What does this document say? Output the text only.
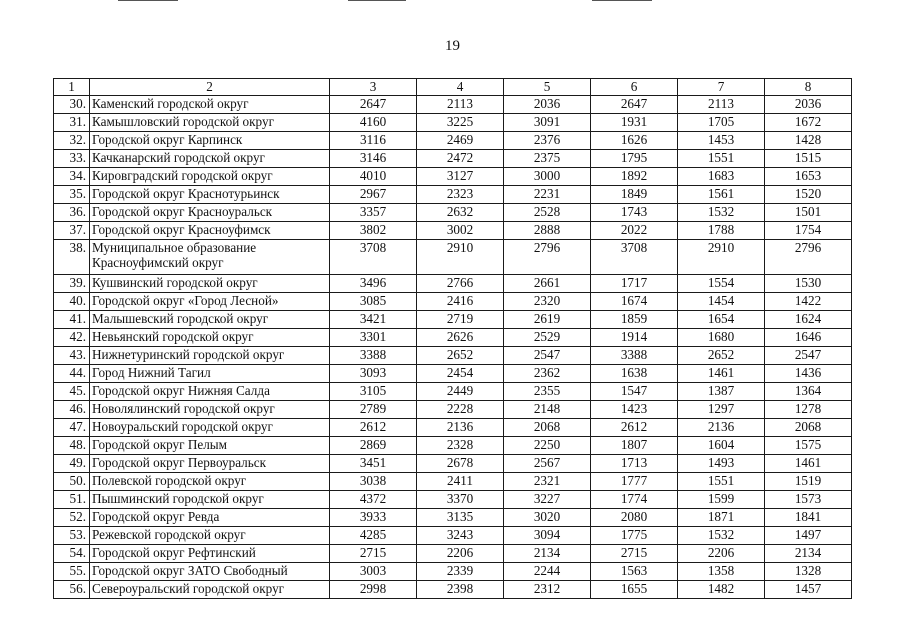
19
1	2	3	4	5	6	7	8
30.	Каменский городской округ	2647	2113	2036	2647	2113	2036
31.	Камышловский городской округ	4160	3225	3091	1931	1705	1672
32.	Городской округ Карпинск	3116	2469	2376	1626	1453	1428
33.	Качканарский городской округ	3146	2472	2375	1795	1551	1515
34.	Кировградский городской округ	4010	3127	3000	1892	1683	1653
35.	Городской округ Краснотурьинск	2967	2323	2231	1849	1561	1520
36.	Городской округ Красноуральск	3357	2632	2528	1743	1532	1501
37.	Городской округ Красноуфимск	3802	3002	2888	2022	1788	1754
38.	Муниципальное образование Красноуфимский округ	3708	2910	2796	3708	2910	2796
39.	Кушвинский городской округ	3496	2766	2661	1717	1554	1530
40.	Городской округ «Город Лесной»	3085	2416	2320	1674	1454	1422
41.	Малышевский городской округ	3421	2719	2619	1859	1654	1624
42.	Невьянский городской округ	3301	2626	2529	1914	1680	1646
43.	Нижнетуринский городской округ	3388	2652	2547	3388	2652	2547
44.	Город Нижний Тагил	3093	2454	2362	1638	1461	1436
45.	Городской округ Нижняя Салда	3105	2449	2355	1547	1387	1364
46.	Новолялинский городской округ	2789	2228	2148	1423	1297	1278
47.	Новоуральский городской округ	2612	2136	2068	2612	2136	2068
48.	Городской округ Пелым	2869	2328	2250	1807	1604	1575
49.	Городской округ Первоуральск	3451	2678	2567	1713	1493	1461
50.	Полевской городской округ	3038	2411	2321	1777	1551	1519
51.	Пышминский городской округ	4372	3370	3227	1774	1599	1573
52.	Городской округ Ревда	3933	3135	3020	2080	1871	1841
53.	Режевской городской округ	4285	3243	3094	1775	1532	1497
54.	Городской округ Рефтинский	2715	2206	2134	2715	2206	2134
55.	Городской округ ЗАТО Свободный	3003	2339	2244	1563	1358	1328
56.	Североуральский городской округ	2998	2398	2312	1655	1482	1457
